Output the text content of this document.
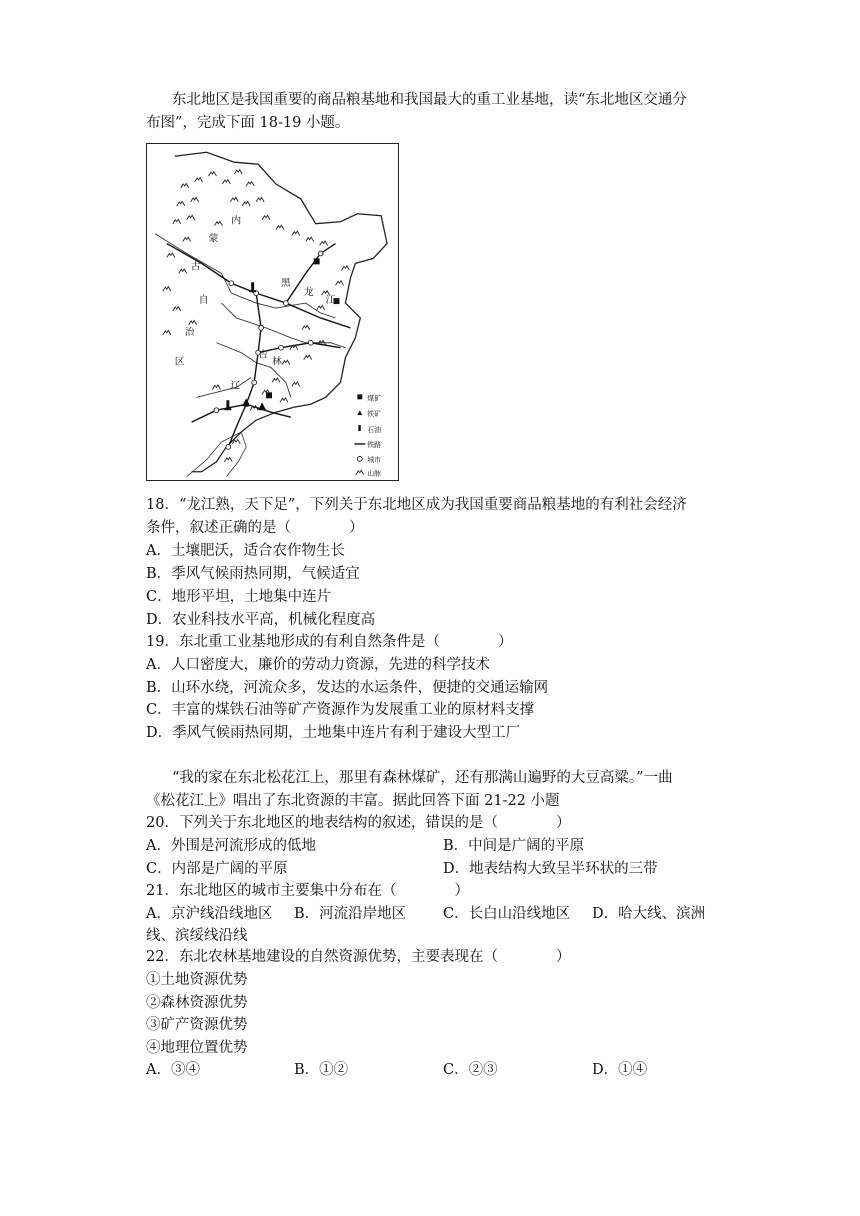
东北地区是我国重要的商品粮基地和我国最大的重工业基地，读“东北地区交通分
布图”，完成下面 18-19 小题。
内
蒙
古
自
治
区
黑
龙
江
吉
林
辽
煤矿
铁矿
石油
铁路
城市
山脉
18．“龙江熟，天下足”，下列关于东北地区成为我国重要商品粮基地的有利社会经济
条件，叙述正确的是（　　　　）
A．土壤肥沃，适合农作物生长
B．季风气候雨热同期，气候适宜
C．地形平坦，土地集中连片
D．农业科技水平高，机械化程度高
19．东北重工业基地形成的有利自然条件是（　　　　）
A．人口密度大，廉价的劳动力资源，先进的科学技术
B．山环水绕，河流众多，发达的水运条件，便捷的交通运输网
C．丰富的煤铁石油等矿产资源作为发展重工业的原材料支撑
D．季风气候雨热同期，土地集中连片有利于建设大型工厂
“我的家在东北松花江上，那里有森林煤矿，还有那满山遍野的大豆高粱。”一曲
《松花江上》唱出了东北资源的丰富。据此回答下面 21-22 小题
20．下列关于东北地区的地表结构的叙述，错误的是（　　　　）
A．外围是河流形成的低地	B．中间是广阔的平原
C．内部是广阔的平原	D．地表结构大致呈半环状的三带
21．东北地区的城市主要集中分布在（　　　　）
A．京沪线沿线地区 B．河流沿岸地区	C．长白山沿线地区 D．哈大线、滨洲
线、滨绥线沿线
22．东北农林基地建设的自然资源优势，主要表现在（　　　　）
①土地资源优势
②森林资源优势
③矿产资源优势
④地理位置优势
A．③④	B．①②	C．②③	D．①④
